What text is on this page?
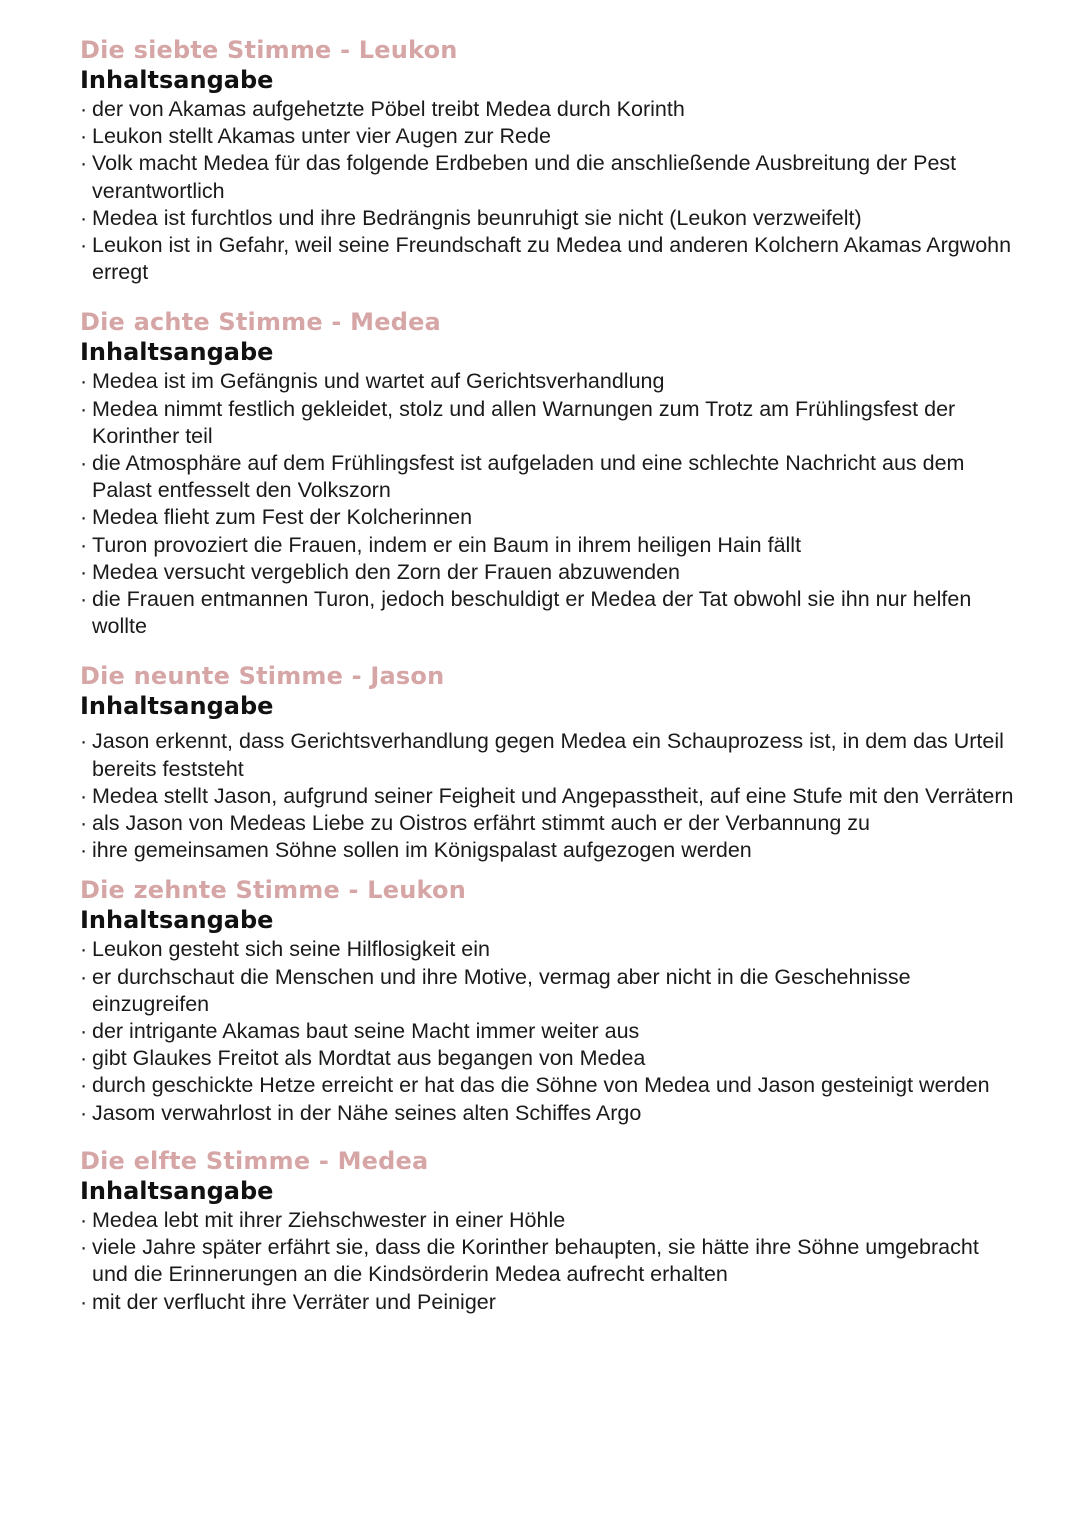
Die siebte Stimme - Leukon
Inhaltsangabe
· der von Akamas aufgehetzte Pöbel treibt Medea durch Korinth
· Leukon stellt Akamas unter vier Augen zur Rede
· Volk macht Medea für das folgende Erdbeben und die anschließende Ausbreitung der Pest verantwortlich
· Medea ist furchtlos und ihre Bedrängnis beunruhigt sie nicht (Leukon verzweifelt)
· Leukon ist in Gefahr, weil seine Freundschaft zu Medea und anderen Kolchern Akamas Argwohn erregt
Die achte Stimme - Medea
Inhaltsangabe
· Medea ist im Gefängnis und wartet auf Gerichtsverhandlung
· Medea nimmt festlich gekleidet, stolz und allen Warnungen zum Trotz am Frühlingsfest der Korinther teil
· die Atmosphäre auf dem Frühlingsfest ist aufgeladen und eine schlechte Nachricht aus dem Palast entfesselt den Volkszorn
· Medea flieht zum Fest der Kolcherinnen
· Turon provoziert die Frauen, indem er ein Baum in ihrem heiligen Hain fällt
· Medea versucht vergeblich den Zorn der Frauen abzuwenden
· die Frauen entmannen Turon, jedoch beschuldigt er Medea der Tat obwohl sie ihn nur helfen wollte
Die neunte Stimme - Jason
Inhaltsangabe
· Jason erkennt, dass Gerichtsverhandlung gegen Medea ein Schauprozess ist, in dem das Urteil bereits feststeht
· Medea stellt Jason, aufgrund seiner Feigheit und Angepasstheit, auf eine Stufe mit den Verrätern
· als Jason von Medeas Liebe zu Oistros erfährt stimmt auch er der Verbannung zu
· ihre gemeinsamen Söhne sollen im Königspalast aufgezogen werden
Die zehnte Stimme - Leukon
Inhaltsangabe
· Leukon gesteht sich seine Hilflosigkeit ein
· er durchschaut die Menschen und ihre Motive, vermag aber nicht in die Geschehnisse einzugreifen
· der intrigante Akamas baut seine Macht immer weiter aus
· gibt Glaukes Freitot als Mordtat aus begangen von Medea
· durch geschickte Hetze erreicht er hat das die Söhne von Medea und Jason gesteinigt werden
· Jasom verwahrlost in der Nähe seines alten Schiffes Argo
Die elfte Stimme - Medea
Inhaltsangabe
· Medea lebt mit ihrer Ziehschwester in einer Höhle
· viele Jahre später erfährt sie, dass die Korinther behaupten, sie hätte ihre Söhne umgebracht und die Erinnerungen an die Kindsörderin Medea aufrecht erhalten
· mit der verflucht ihre Verräter und Peiniger
